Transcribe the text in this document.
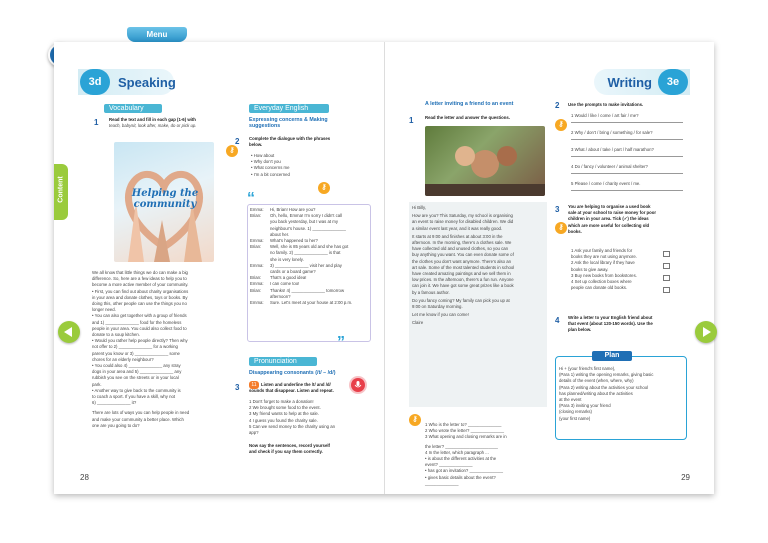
Menu
3d	Speaking
Vocabulary
1 Read the text and fill in each gap (1-6) with
teach, babysit, look after, make, do or pick up.
⚷
Helping the community
We all know that little things we do can make a big
difference. So, here are a few ideas to help you to
become a more active member of your community.
• First, you can find out about charity organisations
in your area and donate clothes, toys or books. By
doing this, other people can use the things you no
longer need.
• You can also get together with a group of friends
and 1) ______________ food for the homeless
people in your area. You could also collect food to
donate to a soup kitchen.
• Would you rather help people directly? Then why
not offer to 2) ______________ for a working
parent you know or 3) ______________ some
chores for an elderly neighbour?
• You could also 4) ______________ any stray
dogs in your area and 5) ______________ any
rubbish you see on the streets or in your local
park.
• Another way to give back to the community is
to coach a sport. If you have a skill, why not
6) ______________ it?
There are lots of ways you can help people in need
and make your community a better place. Which
one are you going to do?
Everyday English
Expressing concerns & Making
suggestions
2 Complete the dialogue with the phrases
below.
• How about
• Why don't you
• What concerns me
• I'm a bit concerned
⚷
“
Emma:	Hi, Brian! How are you?
Brian:	Oh, hello, Emma! I'm sorry I didn't call
you back yesterday, but I was at my
neighbour's house. 1) ______________
about her.
Emma:	What's happened to her?
Brian:	Well, she is 85 years old and she has got
no family. 2) ______________ is that
she is very lonely.
Emma:	3) ______________ visit her and play
cards or a board game?
Brian:	That's a good idea!
Emma:	I can come too!
Brian:	Thanks! 4) ______________ tomorrow
afternoon?
Emma:	Sure. Let's meet at your house at 2:00 p.m.
”
Pronunciation
Disappearing consonants (/t/ – /d/)
3	11	Listen and underline the /t/ and /d/
sounds that disappear. Listen and repeat.
1 Don't forget to make a donation!
2 We brought some food to the event.
3 My friend wants to help at the sale.
4 I guess you found the charity sale.
5 Can we send money to the charity using an
app?
Now say the sentences, record yourself
and check if you say them correctly.
28
3e
Writing
A letter inviting a friend to an event
1	Read the letter and answer the questions.
Hi Billy,
How are you? This Saturday, my school is organising
an event to raise money for disabled children. We did
a similar event last year, and it was really good.
It starts at 9:00 and finishes at about 3:00 in the
afternoon. In the morning, there's a clothes sale. We
have collected old and unused clothes, so you can
buy anything you want. You can even donate some of
the clothes you don't want anymore. There's also an
art sale. Some of the most talented students in school
have created amazing paintings and we sell them in
low prices. In the afternoon, there's a fun run. Anyone
can join it. We have got some great prizes like a book
by a famous author.
Do you fancy coming? My family can pick you up at
9:00 on Saturday morning.
Let me know if you can come!
Claire
⚷
1 Who is the letter to? ______________
2 Who wrote the letter? ______________
3 What opening and closing remarks are in
the letter? ______________________
4 In the letter, which paragraph ...
• is about the different activities at the
event? ______________
• has got an invitation? ______________
• gives basic details about the event?
______________
2 Use the prompts to make invitations.
⚷
1 Would / like / come / art fair / me?
2 Why / don't / bring / something / for sale?
3 What / about / take / part / half marathon?
4 Do / fancy / volunteer / animal shelter?
5 Please / come / charity event / me.
3 You are helping to organise a used book
sale at your school to raise money for poor
children in your area. Tick (✓) the ideas
which are more useful for collecting old
books.
⚷
1 Ask your family and friends for
books they are not using anymore.
2 Ask the local library if they have
books to give away.
3 Buy new books from bookstores.
4 Set up collection boxes where
people can donate old books.
4 Write a letter to your English friend about
that event (about 120-150 words). Use the
plan below.
Plan
Hi + (your friend's first name),
(Para 1) writing the opening remarks, giving basic
details of the event (when, where, why)
(Para 2) writing about the activities your school
has planned/writing about the activities
at the event
(Para 3) inviting your friend
(closing remarks)
(your first name)
29
Content
